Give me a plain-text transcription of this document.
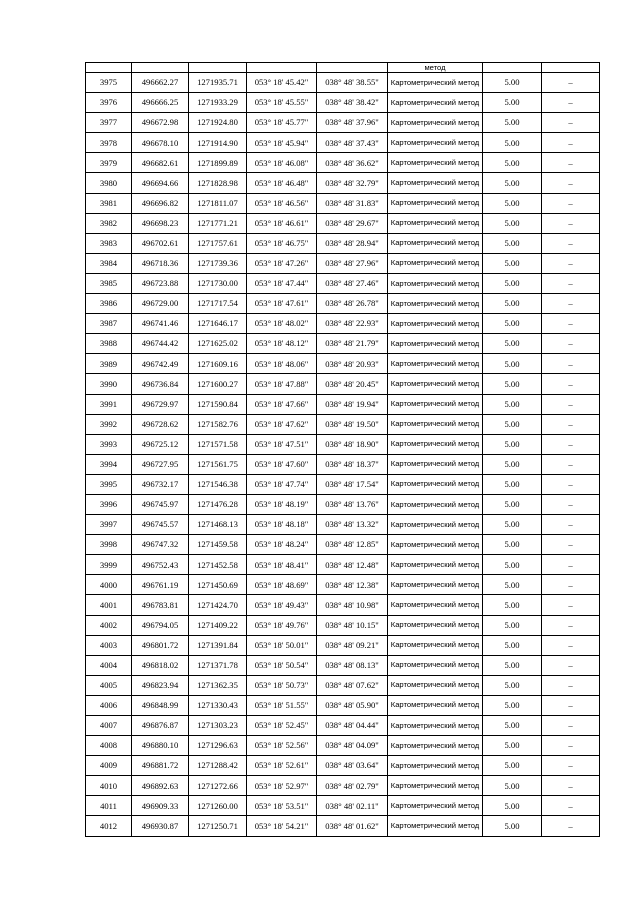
					метод		
3975	496662.27	1271935.71	053° 18' 45.42"	038° 48' 38.55"	Картометрический метод	5.00	–
3976	496666.25	1271933.29	053° 18' 45.55"	038° 48' 38.42"	Картометрический метод	5.00	–
3977	496672.98	1271924.80	053° 18' 45.77"	038° 48' 37.96"	Картометрический метод	5.00	–
3978	496678.10	1271914.90	053° 18' 45.94"	038° 48' 37.43"	Картометрический метод	5.00	–
3979	496682.61	1271899.89	053° 18' 46.08"	038° 48' 36.62"	Картометрический метод	5.00	–
3980	496694.66	1271828.98	053° 18' 46.48"	038° 48' 32.79"	Картометрический метод	5.00	–
3981	496696.82	1271811.07	053° 18' 46.56"	038° 48' 31.83"	Картометрический метод	5.00	–
3982	496698.23	1271771.21	053° 18' 46.61"	038° 48' 29.67"	Картометрический метод	5.00	–
3983	496702.61	1271757.61	053° 18' 46.75"	038° 48' 28.94"	Картометрический метод	5.00	–
3984	496718.36	1271739.36	053° 18' 47.26"	038° 48' 27.96"	Картометрический метод	5.00	–
3985	496723.88	1271730.00	053° 18' 47.44"	038° 48' 27.46"	Картометрический метод	5.00	–
3986	496729.00	1271717.54	053° 18' 47.61"	038° 48' 26.78"	Картометрический метод	5.00	–
3987	496741.46	1271646.17	053° 18' 48.02"	038° 48' 22.93"	Картометрический метод	5.00	–
3988	496744.42	1271625.02	053° 18' 48.12"	038° 48' 21.79"	Картометрический метод	5.00	–
3989	496742.49	1271609.16	053° 18' 48.06"	038° 48' 20.93"	Картометрический метод	5.00	–
3990	496736.84	1271600.27	053° 18' 47.88"	038° 48' 20.45"	Картометрический метод	5.00	–
3991	496729.97	1271590.84	053° 18' 47.66"	038° 48' 19.94"	Картометрический метод	5.00	–
3992	496728.62	1271582.76	053° 18' 47.62"	038° 48' 19.50"	Картометрический метод	5.00	–
3993	496725.12	1271571.58	053° 18' 47.51"	038° 48' 18.90"	Картометрический метод	5.00	–
3994	496727.95	1271561.75	053° 18' 47.60"	038° 48' 18.37"	Картометрический метод	5.00	–
3995	496732.17	1271546.38	053° 18' 47.74"	038° 48' 17.54"	Картометрический метод	5.00	–
3996	496745.97	1271476.28	053° 18' 48.19"	038° 48' 13.76"	Картометрический метод	5.00	–
3997	496745.57	1271468.13	053° 18' 48.18"	038° 48' 13.32"	Картометрический метод	5.00	–
3998	496747.32	1271459.58	053° 18' 48.24"	038° 48' 12.85"	Картометрический метод	5.00	–
3999	496752.43	1271452.58	053° 18' 48.41"	038° 48' 12.48"	Картометрический метод	5.00	–
4000	496761.19	1271450.69	053° 18' 48.69"	038° 48' 12.38"	Картометрический метод	5.00	–
4001	496783.81	1271424.70	053° 18' 49.43"	038° 48' 10.98"	Картометрический метод	5.00	–
4002	496794.05	1271409.22	053° 18' 49.76"	038° 48' 10.15"	Картометрический метод	5.00	–
4003	496801.72	1271391.84	053° 18' 50.01"	038° 48' 09.21"	Картометрический метод	5.00	–
4004	496818.02	1271371.78	053° 18' 50.54"	038° 48' 08.13"	Картометрический метод	5.00	–
4005	496823.94	1271362.35	053° 18' 50.73"	038° 48' 07.62"	Картометрический метод	5.00	–
4006	496848.99	1271330.43	053° 18' 51.55"	038° 48' 05.90"	Картометрический метод	5.00	–
4007	496876.87	1271303.23	053° 18' 52.45"	038° 48' 04.44"	Картометрический метод	5.00	–
4008	496880.10	1271296.63	053° 18' 52.56"	038° 48' 04.09"	Картометрический метод	5.00	–
4009	496881.72	1271288.42	053° 18' 52.61"	038° 48' 03.64"	Картометрический метод	5.00	–
4010	496892.63	1271272.66	053° 18' 52.97"	038° 48' 02.79"	Картометрический метод	5.00	–
4011	496909.33	1271260.00	053° 18' 53.51"	038° 48' 02.11"	Картометрический метод	5.00	–
4012	496930.87	1271250.71	053° 18' 54.21"	038° 48' 01.62"	Картометрический метод	5.00	–
